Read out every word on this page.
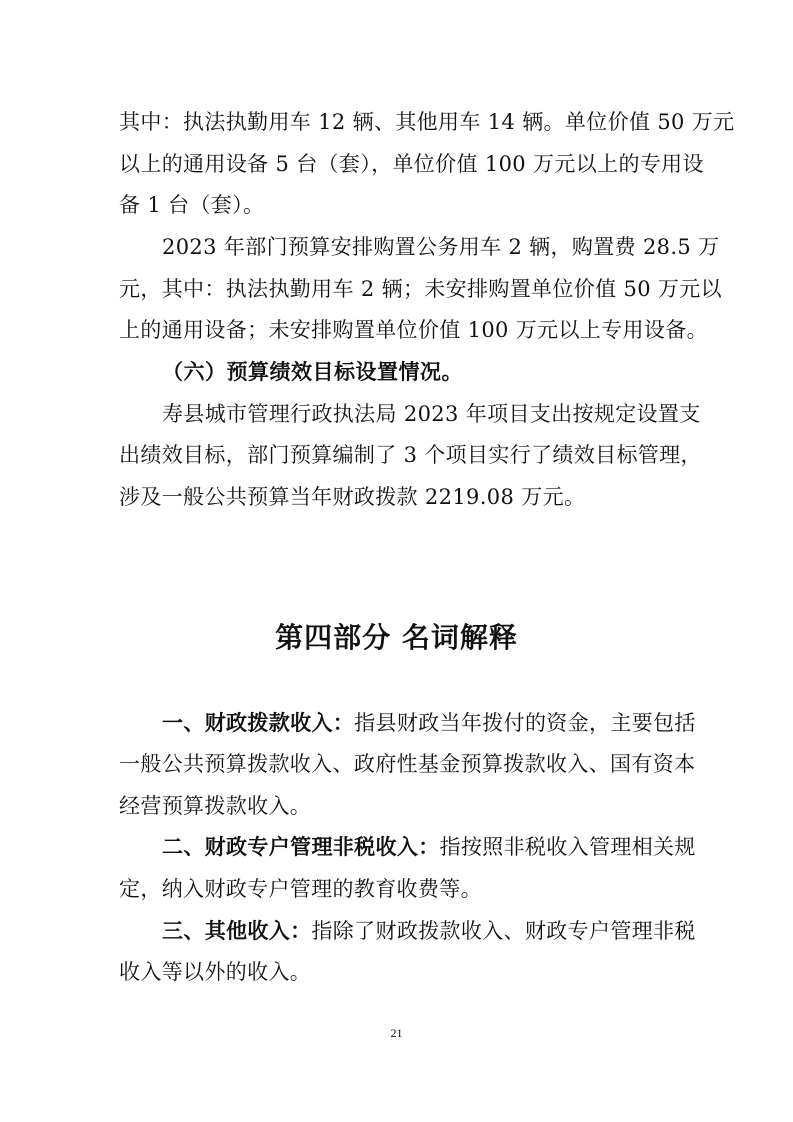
其中：执法执勤用车 12 辆、其他用车 14 辆。单位价值 50 万元

以上的通用设备 5 台（套），单位价值 100 万元以上的专用设

备 1 台（套）。

2023 年部门预算安排购置公务用车 2 辆，购置费 28.5 万

元，其中：执法执勤用车 2 辆；未安排购置单位价值 50 万元以

上的通用设备；未安排购置单位价值 100 万元以上专用设备。

（六）预算绩效目标设置情况。

寿县城市管理行政执法局 2023 年项目支出按规定设置支

出绩效目标，部门预算编制了 3 个项目实行了绩效目标管理，

涉及一般公共预算当年财政拨款 2219.08 万元。

第四部分 名词解释

一、财政拨款收入：指县财政当年拨付的资金，主要包括

一般公共预算拨款收入、政府性基金预算拨款收入、国有资本

经营预算拨款收入。

二、财政专户管理非税收入：指按照非税收入管理相关规

定，纳入财政专户管理的教育收费等。

三、其他收入：指除了财政拨款收入、财政专户管理非税

收入等以外的收入。

21
